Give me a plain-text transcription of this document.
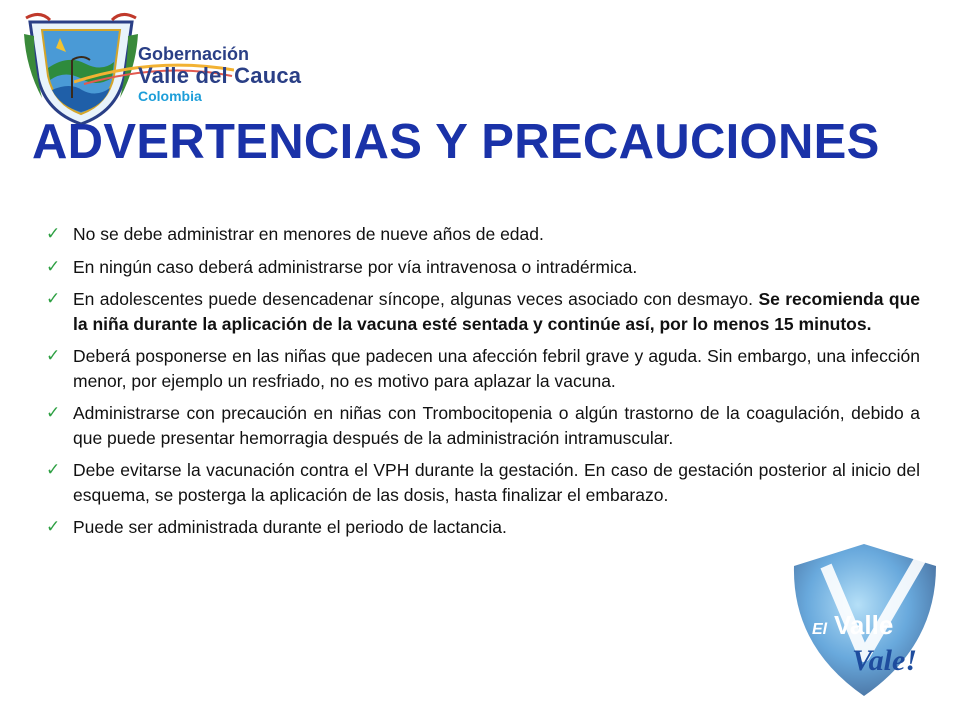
Gobernación
Valle del Cauca
Colombia
ADVERTENCIAS Y PRECAUCIONES
✓ No se debe administrar en menores de nueve años de edad.
✓ En ningún caso deberá administrarse por vía intravenosa o intradérmica.
✓ En adolescentes puede desencadenar síncope, algunas veces asociado con desmayo. Se recomienda que la niña durante la aplicación de la vacuna esté sentada y continúe así, por lo menos 15 minutos.
✓ Deberá posponerse en las niñas que padecen una afección febril grave y aguda. Sin embargo, una infección menor, por ejemplo un resfriado, no es motivo para aplazar la vacuna.
✓ Administrarse con precaución en niñas con Trombocitopenia o algún trastorno de la coagulación, debido a que puede presentar hemorragia después de la administración intramuscular.
✓ Debe evitarse la vacunación contra el VPH durante la gestación. En caso de gestación posterior al inicio del esquema, se posterga la aplicación de las dosis, hasta finalizar el embarazo.
✓ Puede ser administrada durante el periodo de lactancia.
El Valle
Vale!
